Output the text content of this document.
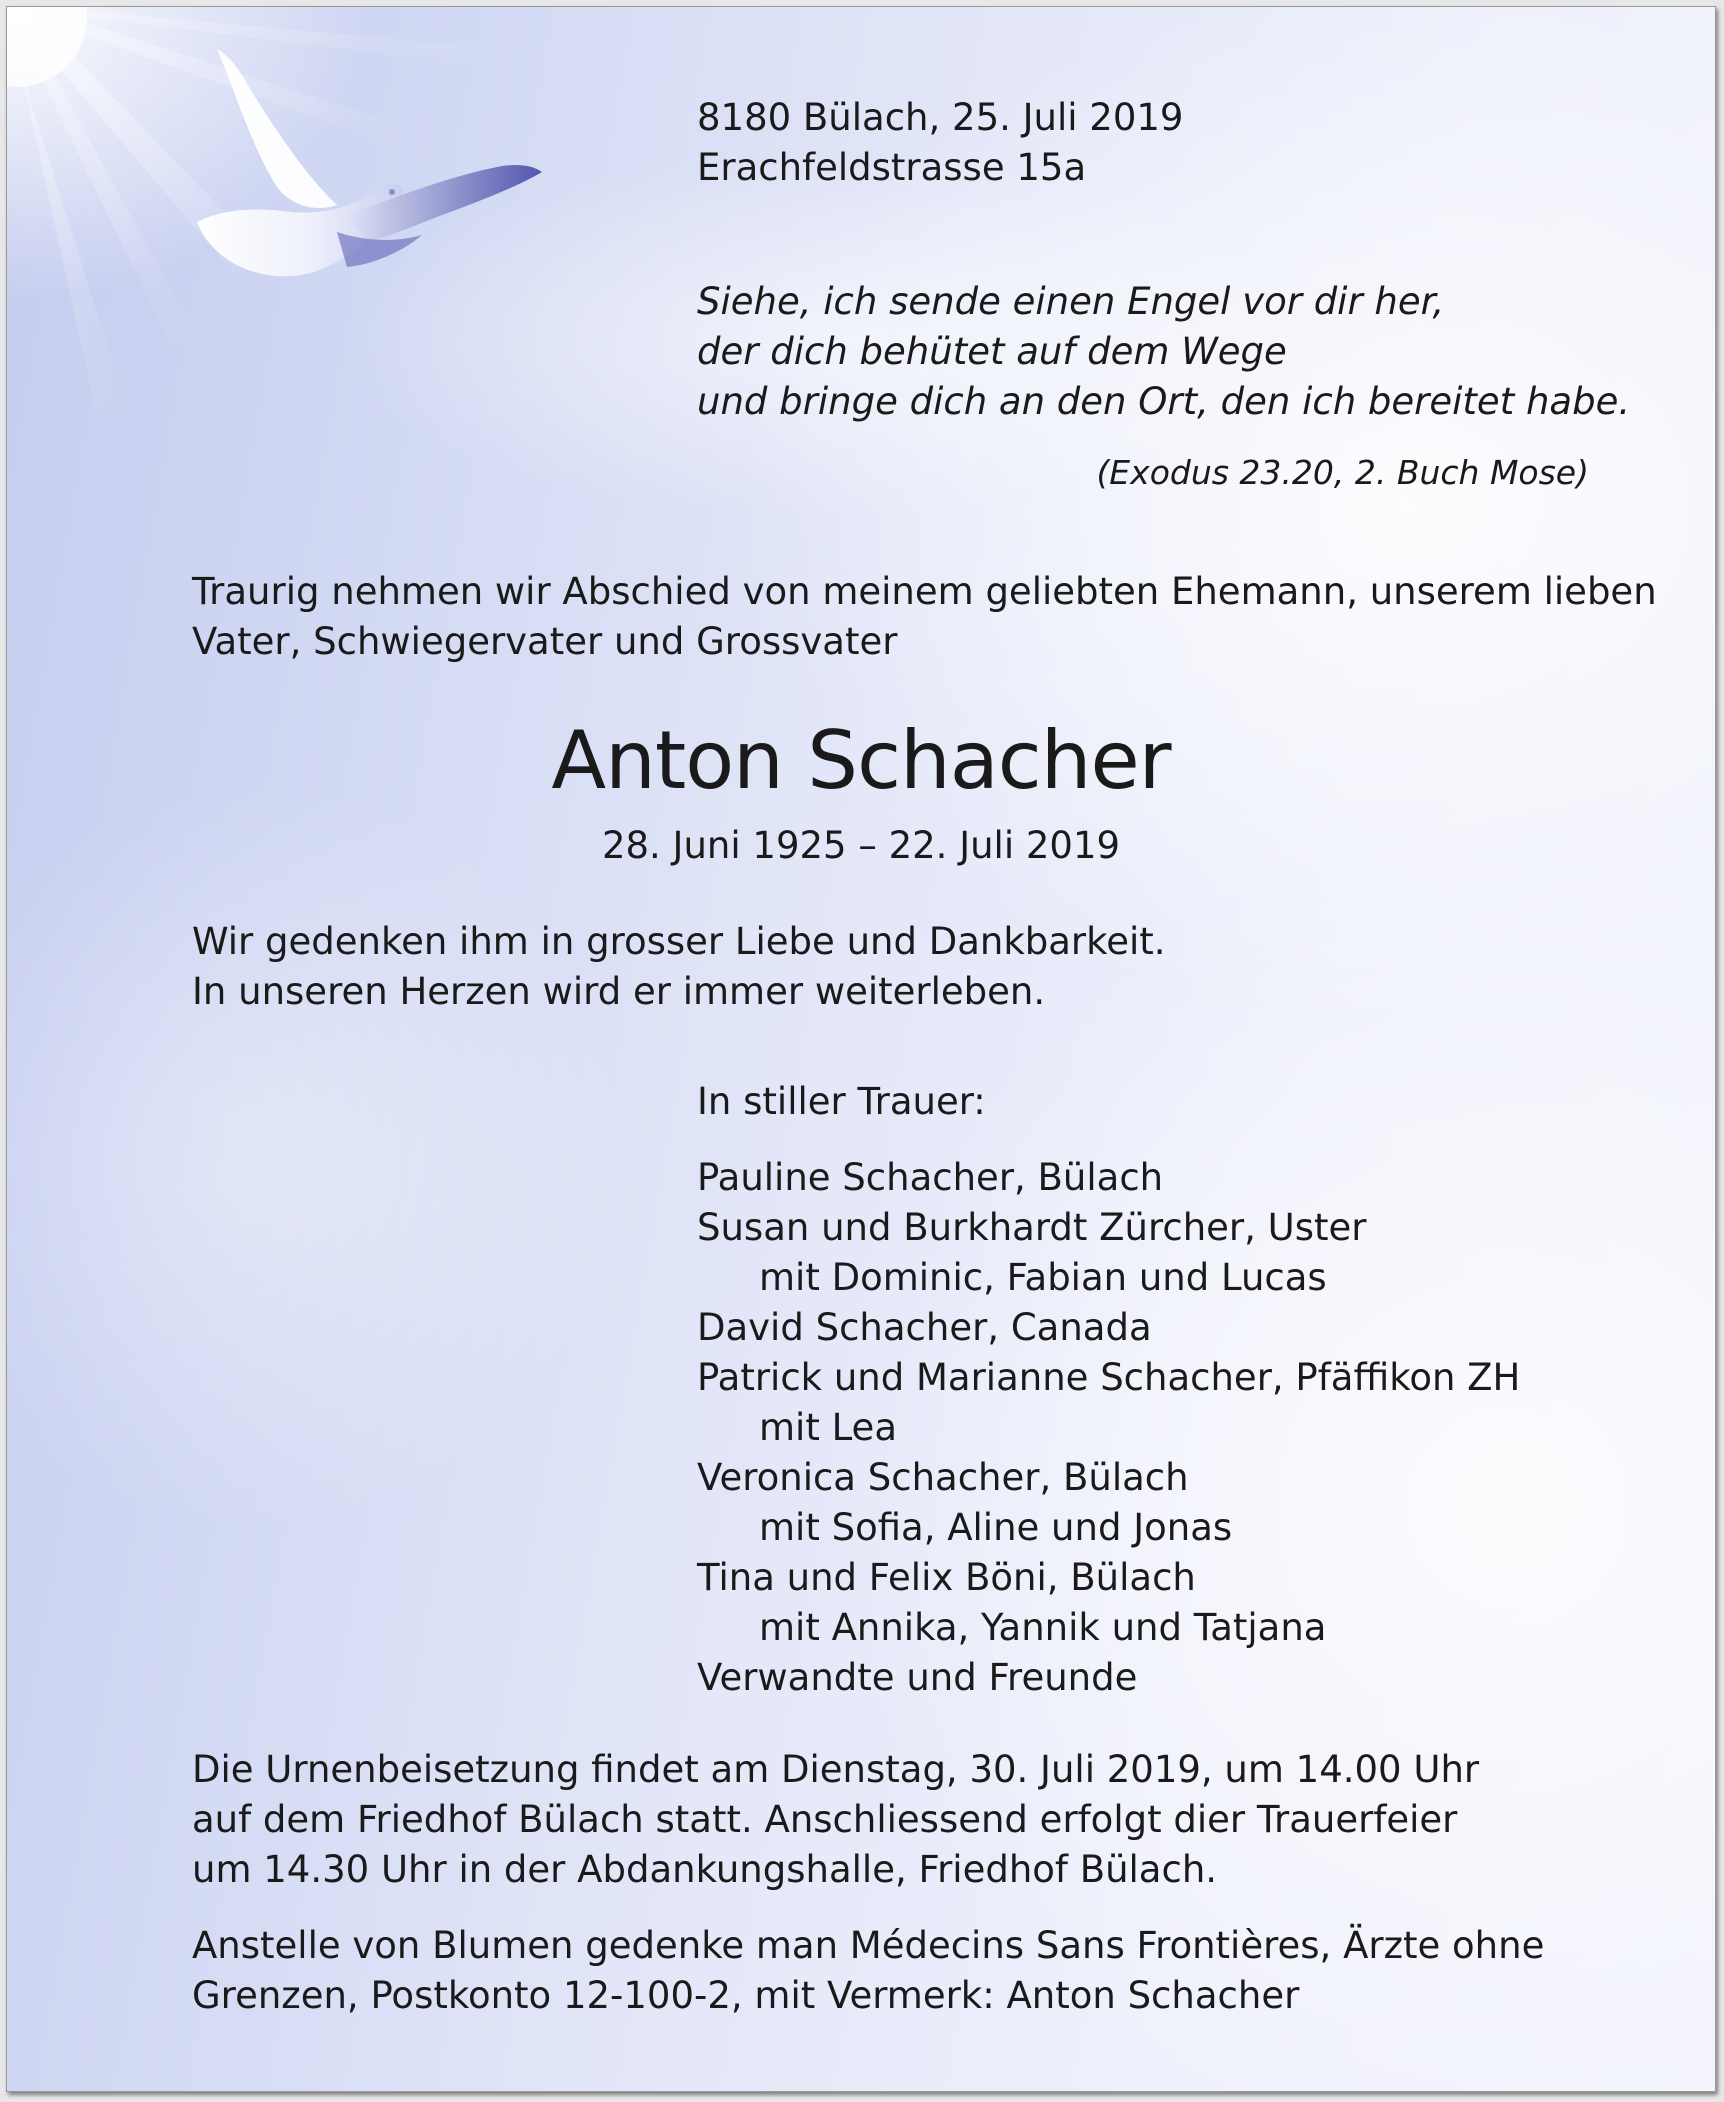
8180 Bülach, 25. Juli 2019
Erachfeldstrasse 15a
Siehe, ich sende einen Engel vor dir her,
der dich behütet auf dem Wege
und bringe dich an den Ort, den ich bereitet habe.
(Exodus 23.20, 2. Buch Mose)
Traurig nehmen wir Abschied von meinem geliebten Ehemann, unserem lieben
Vater, Schwiegervater und Grossvater
Anton Schacher
28. Juni 1925 – 22. Juli 2019
Wir gedenken ihm in grosser Liebe und Dankbarkeit.
In unseren Herzen wird er immer weiterleben.
In stiller Trauer:
Pauline Schacher, Bülach
Susan und Burkhardt Zürcher, Uster
mit Dominic, Fabian und Lucas
David Schacher, Canada
Patrick und Marianne Schacher, Pfäffikon ZH
mit Lea
Veronica Schacher, Bülach
mit Sofia, Aline und Jonas
Tina und Felix Böni, Bülach
mit Annika, Yannik und Tatjana
Verwandte und Freunde
Die Urnenbeisetzung findet am Dienstag, 30. Juli 2019, um 14.00 Uhr
auf dem Friedhof Bülach statt. Anschliessend erfolgt dier Trauerfeier
um 14.30 Uhr in der Abdankungshalle, Friedhof Bülach.
Anstelle von Blumen gedenke man Médecins Sans Frontières, Ärzte ohne
Grenzen, Postkonto 12-100-2, mit Vermerk: Anton Schacher
